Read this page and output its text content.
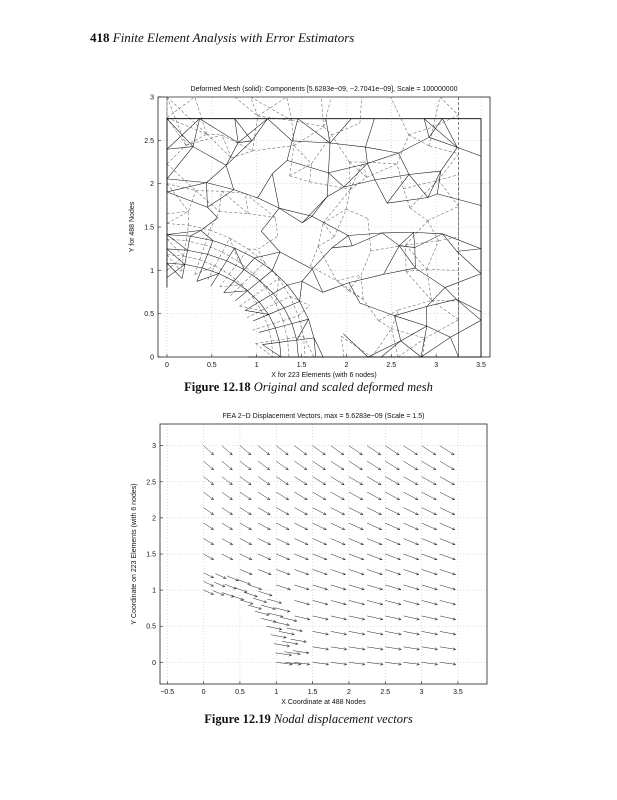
418 Finite Element Analysis with Error Estimators
0	0.5	1	1.5	2	2.5	3	3.5
0
0.5
1
1.5
2
2.5
3
Deformed Mesh (solid): Components [5.6283e−09, −2.7041e−09], Scale = 100000000
X for 223 Elements (with 6 nodes)
Y for 488 Nodes
Figure 12.18 Original and scaled deformed mesh
−0.5	0	0.5	1	1.5	2	2.5	3	3.5
0
0.5
1
1.5
2
2.5
3
FEA 2−D Displacement Vectors, max = 5.6283e−09 (Scale = 1.5)
X Coordinate at 488 Nodes
Y Coordinate on 223 Elements (with 6 nodes)
Figure 12.19 Nodal displacement vectors
